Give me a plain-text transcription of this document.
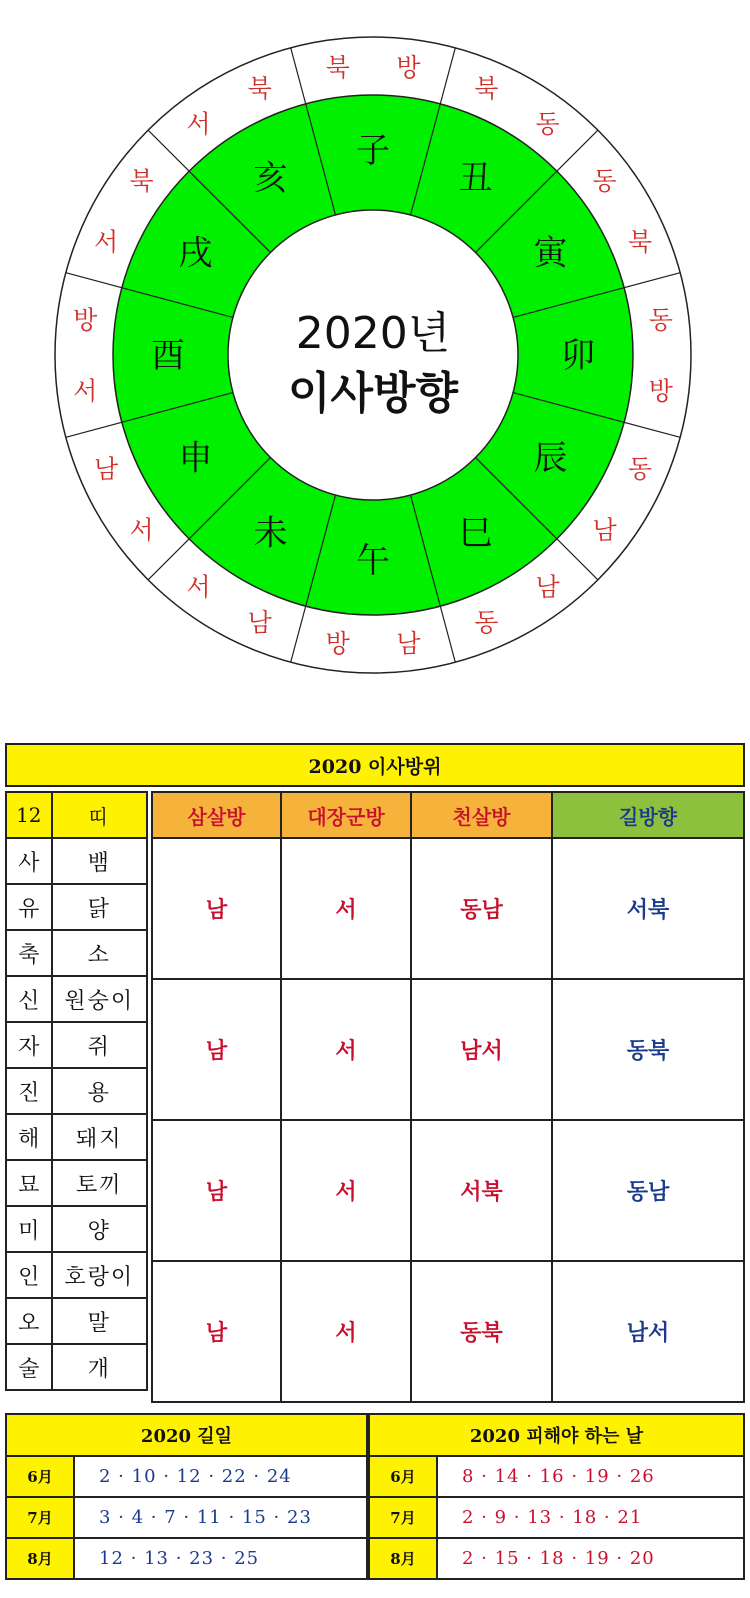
2020년
이사방향
子
丑
寅
卯
辰
巳
午
未
申
酉
戌
亥
북 방
북
동
동
북
동
방
동
남
남
동
남
방
남
서
서
남
서
방
서
북
서
북
2020 이사방위
12	띠
사	뱀
유	닭
축	소
신	원숭이
자	쥐
진	용
해	돼지
묘	토끼
미	양
인	호랑이
오	말
술	개
삼살방	대장군방	천살방	길방향
남	서	동남	서북
남	서	남서	동북
남	서	서북	동남
남	서	동북	남서
2020 길일	
6月	2 · 10 · 12 · 22 · 24
7月	3 · 4 · 7 · 11 · 15 · 23
8月	12 · 13 · 23 · 25
2020 피해야 하는 날	
6月	8 · 14 · 16 · 19 · 26
7月	2 · 9 · 13 · 18 · 21
8月	2 · 15 · 18 · 19 · 20
